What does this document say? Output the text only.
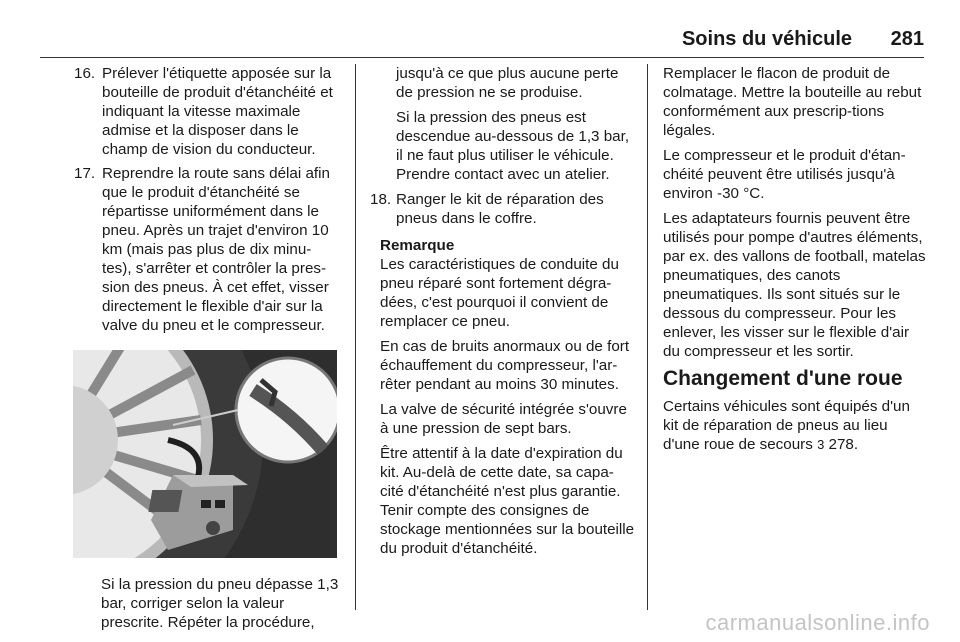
Soins du véhicule 281
16. Prélever l'étiquette apposée sur la bouteille de produit d'étanchéité et indiquant la vitesse maximale admise et la disposer dans le champ de vision du conducteur.
17. Reprendre la route sans délai afin que le produit d'étanchéité se répartisse uniformément dans le pneu. Après un trajet d'environ 10 km (mais pas plus de dix minu-tes), s'arrêter et contrôler la pres-sion des pneus. À cet effet, visser directement le flexible d'air sur la valve du pneu et le compresseur.
Si la pression du pneu dépasse 1,3 bar, corriger selon la valeur prescrite. Répéter la procédure,
jusqu'à ce que plus aucune perte de pression ne se produise.
Si la pression des pneus est descendue au-dessous de 1,3 bar, il ne faut plus utiliser le véhicule. Prendre contact avec un atelier.
18. Ranger le kit de réparation des pneus dans le coffre.
Remarque
Les caractéristiques de conduite du pneu réparé sont fortement dégra-dées, c'est pourquoi il convient de remplacer ce pneu.
En cas de bruits anormaux ou de fort échauffement du compresseur, l'ar-rêter pendant au moins 30 minutes.
La valve de sécurité intégrée s'ouvre à une pression de sept bars.
Être attentif à la date d'expiration du kit. Au-delà de cette date, sa capa-cité d'étanchéité n'est plus garantie. Tenir compte des consignes de stockage mentionnées sur la bouteille du produit d'étanchéité.
Remplacer le flacon de produit de colmatage. Mettre la bouteille au rebut conformément aux prescrip-tions légales.
Le compresseur et le produit d'étan-chéité peuvent être utilisés jusqu'à environ -30 °C.
Les adaptateurs fournis peuvent être utilisés pour pompe d'autres éléments, par ex. des vallons de football, matelas pneumatiques, des canots pneumatiques. Ils sont situés sur le dessous du compresseur. Pour les enlever, les visser sur le flexible d'air du compresseur et les sortir.
Changement d'une roue
Certains véhicules sont équipés d'un kit de réparation de pneus au lieu d'une roue de secours 3 278.
carmanualsonline.info
